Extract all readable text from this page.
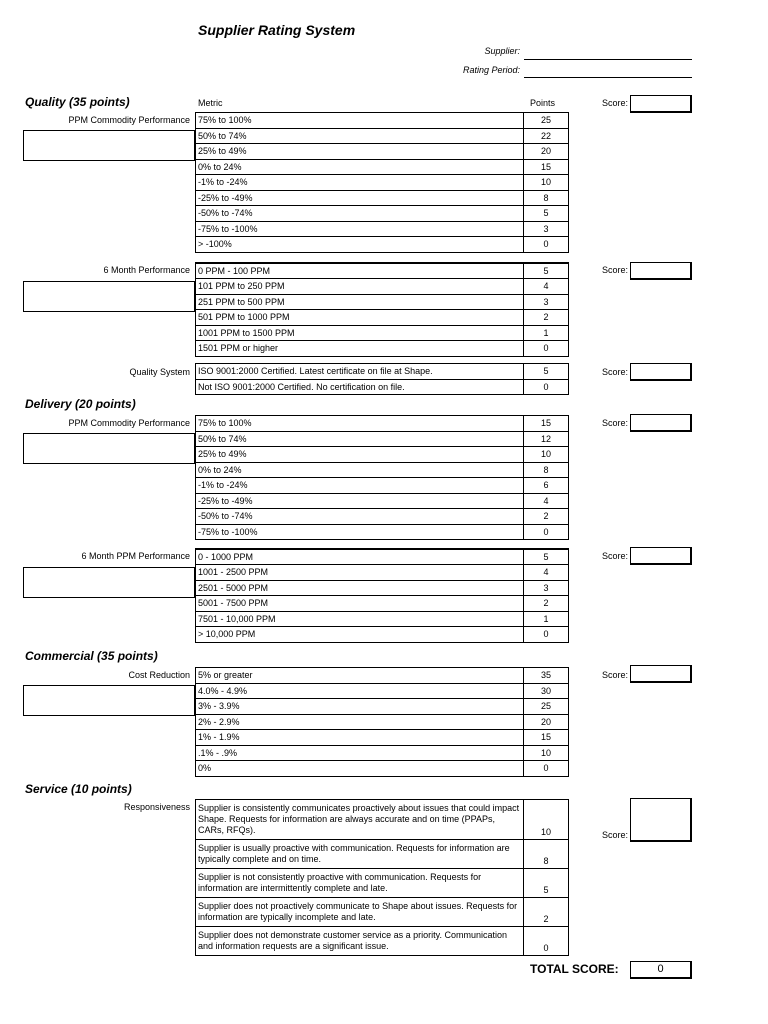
Supplier Rating System
Supplier:
Rating Period:
Quality (35 points)	Metric	Points
PPM Commodity Performance
Score:
75% to 100%	25
50% to 74%	22
25% to 49%	20
0% to 24%	15
-1% to -24%	10
-25% to -49%	8
-50% to -74%	5
-75% to -100%	3
> -100%	0
6 Month Performance	Score:
0 PPM - 100 PPM	5
101 PPM to 250 PPM	4
251 PPM to 500 PPM	3
501 PPM to 1000 PPM	2
1001 PPM to 1500 PPM	1
1501 PPM or higher	0
Quality System	Score:
ISO 9001:2000 Certified. Latest certificate on file at Shape.	5
Not ISO 9001:2000 Certified. No certification on file.	0
Delivery (20 points)
PPM Commodity Performance	Score:
75% to 100%	15
50% to 74%	12
25% to 49%	10
0% to 24%	8
-1% to -24%	6
-25% to -49%	4
-50% to -74%	2
-75% to -100%	0
6 Month PPM Performance	Score:
0 - 1000 PPM	5
1001 - 2500 PPM	4
2501 - 5000 PPM	3
5001 - 7500 PPM	2
7501 - 10,000 PPM	1
> 10,000 PPM	0
Commercial (35 points)
Cost Reduction	Score:
5% or greater	35
4.0% - 4.9%	30
3% - 3.9%	25
2% - 2.9%	20
1% - 1.9%	15
.1% - .9%	10
0%	0
Service (10 points)
Responsiveness
Score:
Supplier is consistently communicates proactively about issues that could impact Shape. Requests for information are always accurate and on time (PPAPs, CARs, RFQs).	10
Supplier is usually proactive with communication. Requests for information are typically complete and on time.	8
Supplier is not consistently proactive with communication. Requests for information are intermittently complete and late.	5
Supplier does not proactively communicate to Shape about issues. Requests for information are typically incomplete and late.	2
Supplier does not demonstrate customer service as a priority. Communication and information requests are a significant issue.	0
TOTAL SCORE:	0
